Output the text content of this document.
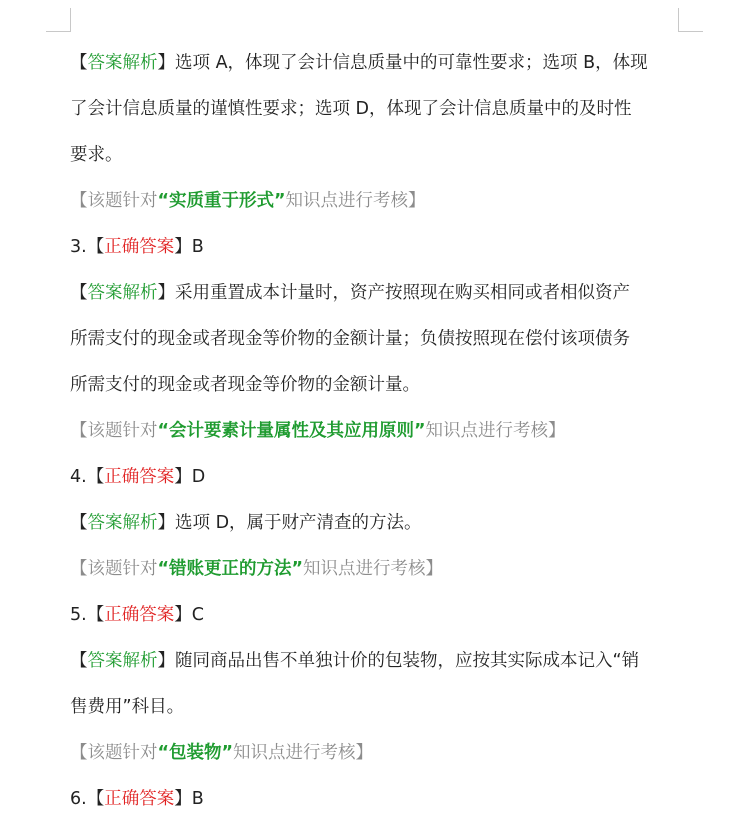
【答案解析】选项 A，体现了会计信息质量中的可靠性要求；选项 B，体现
了会计信息质量的谨慎性要求；选项 D，体现了会计信息质量中的及时性
要求。
【该题针对“实质重于形式”知识点进行考核】
3.【正确答案】B
【答案解析】采用重置成本计量时，资产按照现在购买相同或者相似资产
所需支付的现金或者现金等价物的金额计量；负债按照现在偿付该项债务
所需支付的现金或者现金等价物的金额计量。
【该题针对“会计要素计量属性及其应用原则”知识点进行考核】
4.【正确答案】D
【答案解析】选项 D，属于财产清查的方法。
【该题针对“错账更正的方法”知识点进行考核】
5.【正确答案】C
【答案解析】随同商品出售不单独计价的包装物，应按其实际成本记入“销
售费用”科目。
【该题针对“包装物”知识点进行考核】
6.【正确答案】B
